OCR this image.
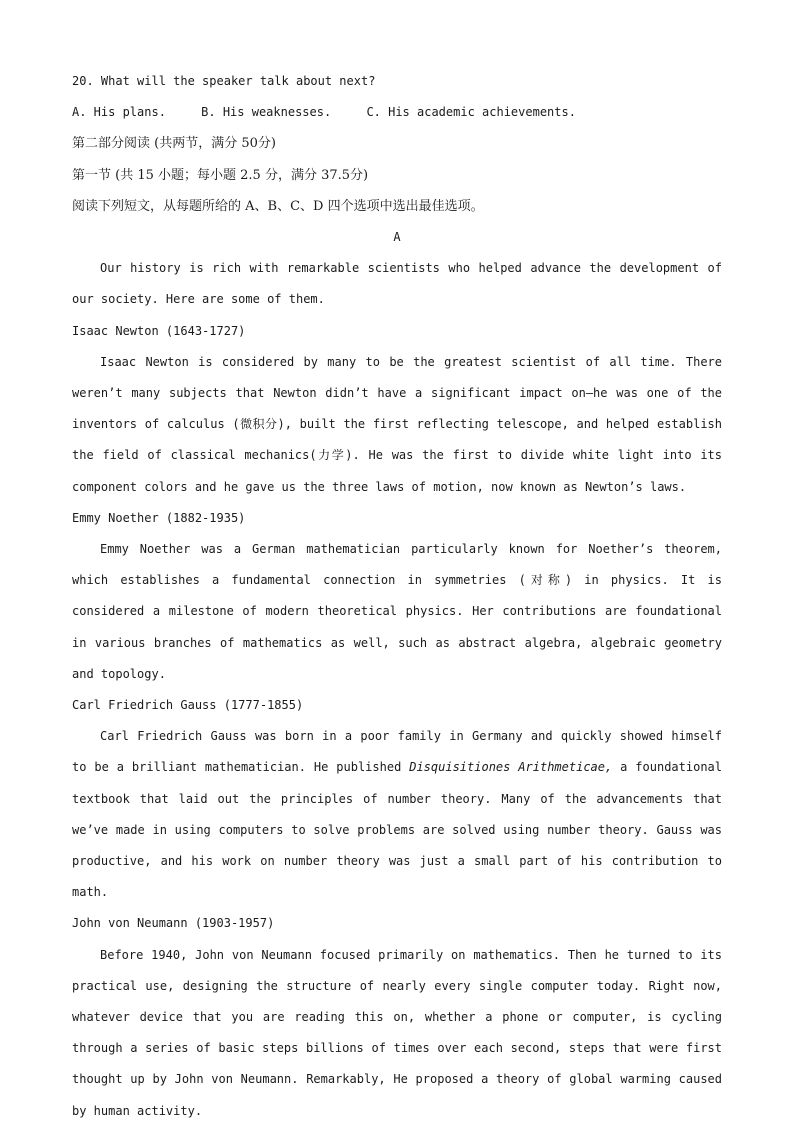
20. What will the speaker talk about next?
A. His plans.	B. His weaknesses.	C. His academic achievements.
第二部分阅读 (共两节，满分 50分)
第一节 (共 15 小题；每小题 2.5 分，满分 37.5分)
阅读下列短文，从每题所给的 A、B、C、D 四个选项中选出最佳选项。
A
Our history is rich with remarkable scientists who helped advance the development of our society. Here are some of them.
Isaac Newton (1643-1727)
Isaac Newton is considered by many to be the greatest scientist of all time. There weren’t many subjects that Newton didn’t have a significant impact on—he was one of the inventors of calculus (微积分), built the first reflecting telescope, and helped establish the field of classical mechanics(力学). He was the first to divide white light into its component colors and he gave us the three laws of motion, now known as Newton’s laws.
Emmy Noether (1882-1935)
Emmy Noether was a German mathematician particularly known for Noether’s theorem, which establishes a fundamental connection in symmetries (对称) in physics. It is considered a milestone of modern theoretical physics. Her contributions are foundational in various branches of mathematics as well, such as abstract algebra, algebraic geometry and topology.
Carl Friedrich Gauss (1777-1855)
Carl Friedrich Gauss was born in a poor family in Germany and quickly showed himself to be a brilliant mathematician. He published Disquisitiones Arithmeticae, a foundational textbook that laid out the principles of number theory. Many of the advancements that we’ve made in using computers to solve problems are solved using number theory. Gauss was productive, and his work on number theory was just a small part of his contribution to math.
John von Neumann (1903-1957)
Before 1940, John von Neumann focused primarily on mathematics. Then he turned to its practical use, designing the structure of nearly every single computer today. Right now, whatever device that you are reading this on, whether a phone or computer, is cycling through a series of basic steps billions of times over each second, steps that were first thought up by John von Neumann. Remarkably, He proposed a theory of global warming caused by human activity.
